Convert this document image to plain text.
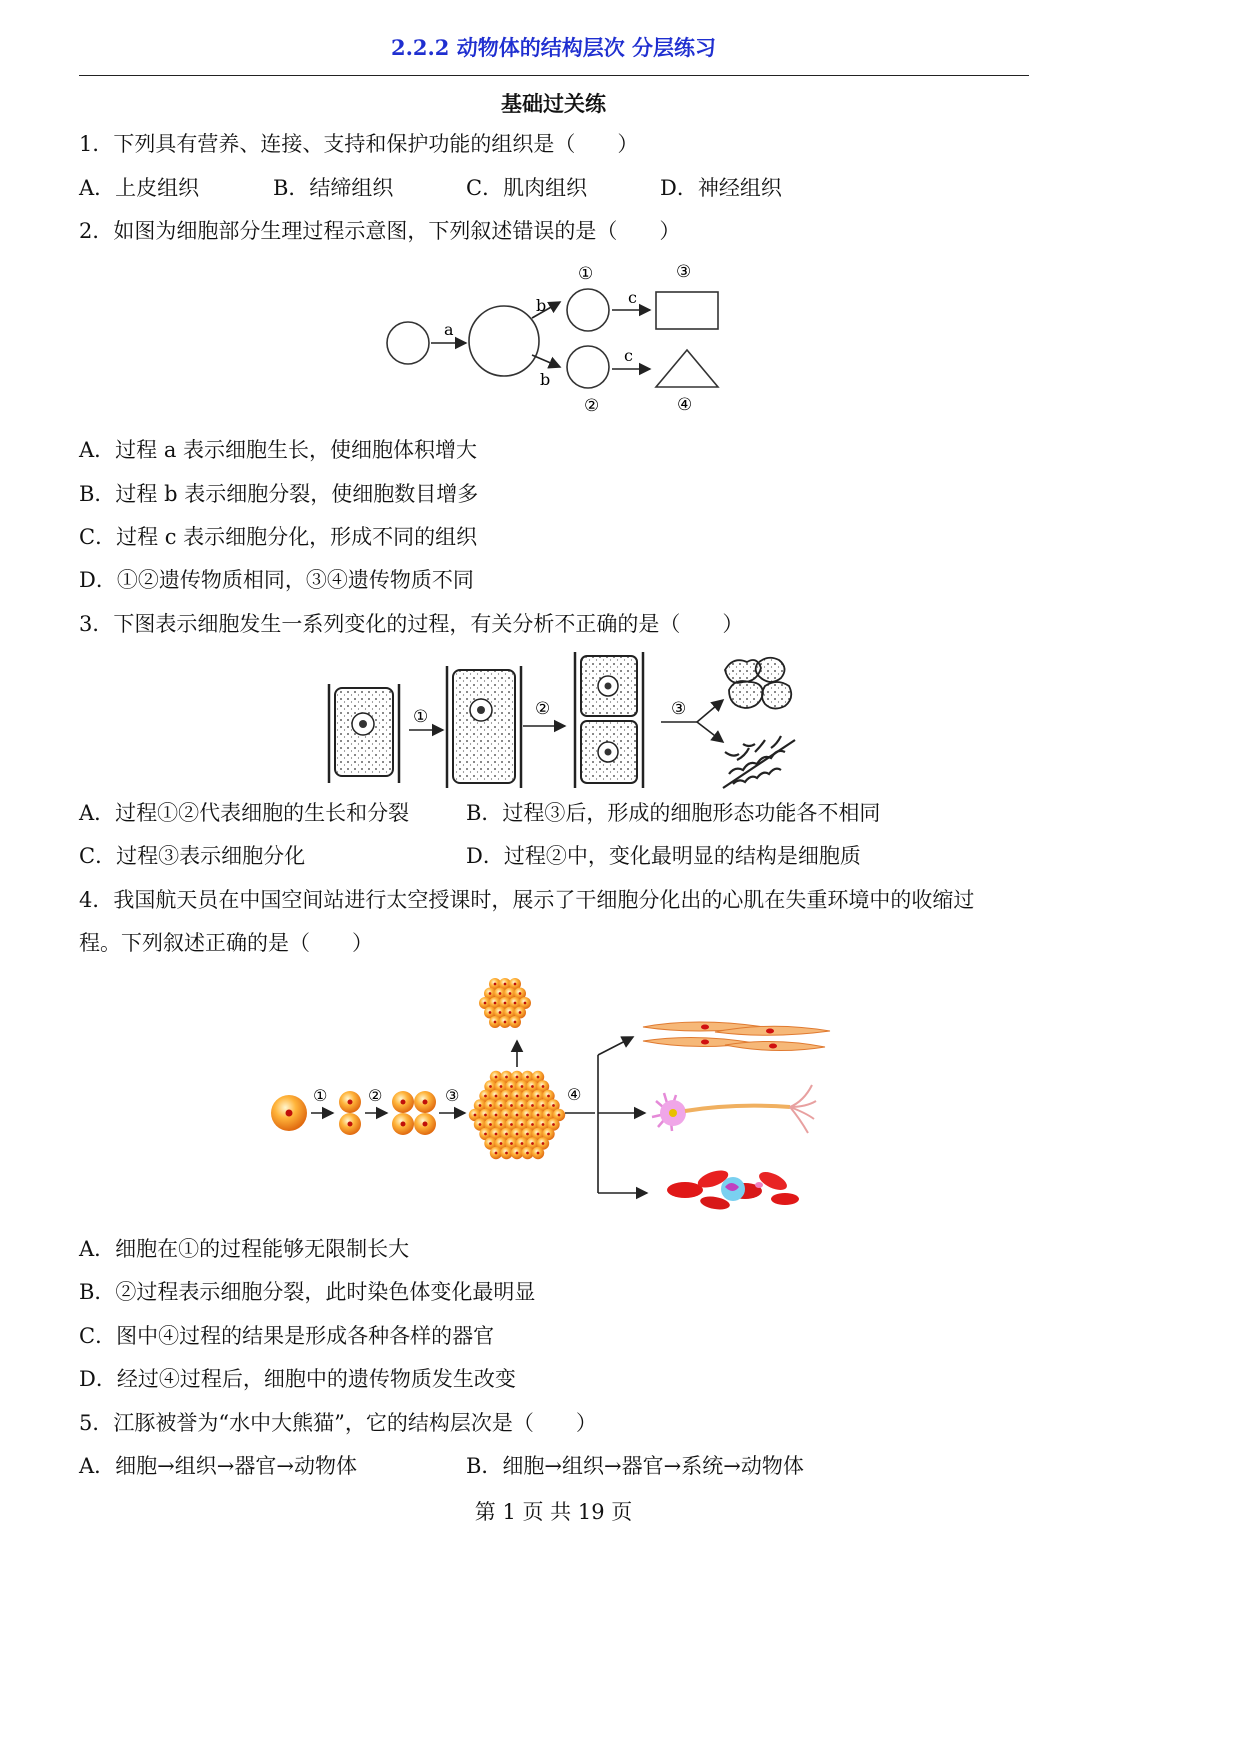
2.2.2 动物体的结构层次 分层练习
基础过关练
1．下列具有营养、连接、支持和保护功能的组织是（　　）
A．上皮组织	B．结缔组织	C．肌肉组织	D．神经组织
2．如图为细胞部分生理过程示意图，下列叙述错误的是（　　）
a
b
b
①
②
c
c
③
④
A．过程 a 表示细胞生长，使细胞体积增大
B．过程 b 表示细胞分裂，使细胞数目增多
C．过程 c 表示细胞分化，形成不同的组织
D．①②遗传物质相同，③④遗传物质不同
3．下图表示细胞发生一系列变化的过程，有关分析不正确的是（　　）
①	②	③
A．过程①②代表细胞的生长和分裂	B．过程③后，形成的细胞形态功能各不相同
C．过程③表示细胞分化	D．过程②中，变化最明显的结构是细胞质
4．我国航天员在中国空间站进行太空授课时，展示了干细胞分化出的心肌在失重环境中的收缩过
程。下列叙述正确的是（　　）
①	②	③	④
A．细胞在①的过程能够无限制长大
B．②过程表示细胞分裂，此时染色体变化最明显
C．图中④过程的结果是形成各种各样的器官
D．经过④过程后，细胞中的遗传物质发生改变
5．江豚被誉为“水中大熊猫”，它的结构层次是（　　）
A．细胞→组织→器官→动物体	B．细胞→组织→器官→系统→动物体
第 1 页 共 19 页
